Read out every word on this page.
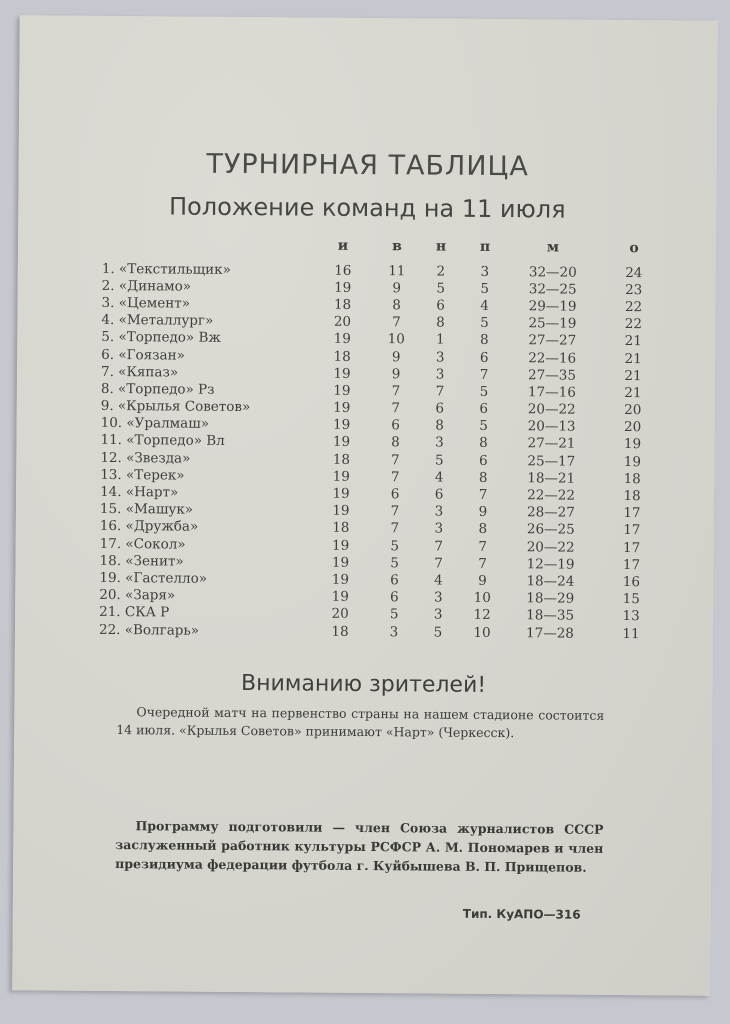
ТУРНИРНАЯ ТАБЛИЦА
Положение команд на 11 июля
	и	в	н	п	м	о
1. «Текстильщик»	16	11	2	3	32—20	24
2. «Динамо»	19	9	5	5	32—25	23
3. «Цемент»	18	8	6	4	29—19	22
4. «Металлург»	20	7	8	5	25—19	22
5. «Торпедо» Вж	19	10	1	8	27—27	21
6. «Гоязан»	18	9	3	6	22—16	21
7. «Кяпаз»	19	9	3	7	27—35	21
8. «Торпедо» Рз	19	7	7	5	17—16	21
9. «Крылья Советов»	19	7	6	6	20—22	20
10. «Уралмаш»	19	6	8	5	20—13	20
11. «Торпедо» Вл	19	8	3	8	27—21	19
12. «Звезда»	18	7	5	6	25—17	19
13. «Терек»	19	7	4	8	18—21	18
14. «Нарт»	19	6	6	7	22—22	18
15. «Машук»	19	7	3	9	28—27	17
16. «Дружба»	18	7	3	8	26—25	17
17. «Сокол»	19	5	7	7	20—22	17
18. «Зенит»	19	5	7	7	12—19	17
19. «Гастелло»	19	6	4	9	18—24	16
20. «Заря»	19	6	3	10	18—29	15
21. СКА Р	20	5	3	12	18—35	13
22. «Волгарь»	18	3	5	10	17—28	11
Вниманию зрителей!
Очередной матч на первенство страны на нашем стадионе состоится 14 июля. «Крылья Советов» принимают «Нарт» (Черкесск).
Программу подготовили — член Союза журналистов СССР заслуженный работник культуры РСФСР А. М. Пономарев и член президиума федерации футбола г. Куйбышева В. П. Прищепов.
Тип. КуАПО—316
